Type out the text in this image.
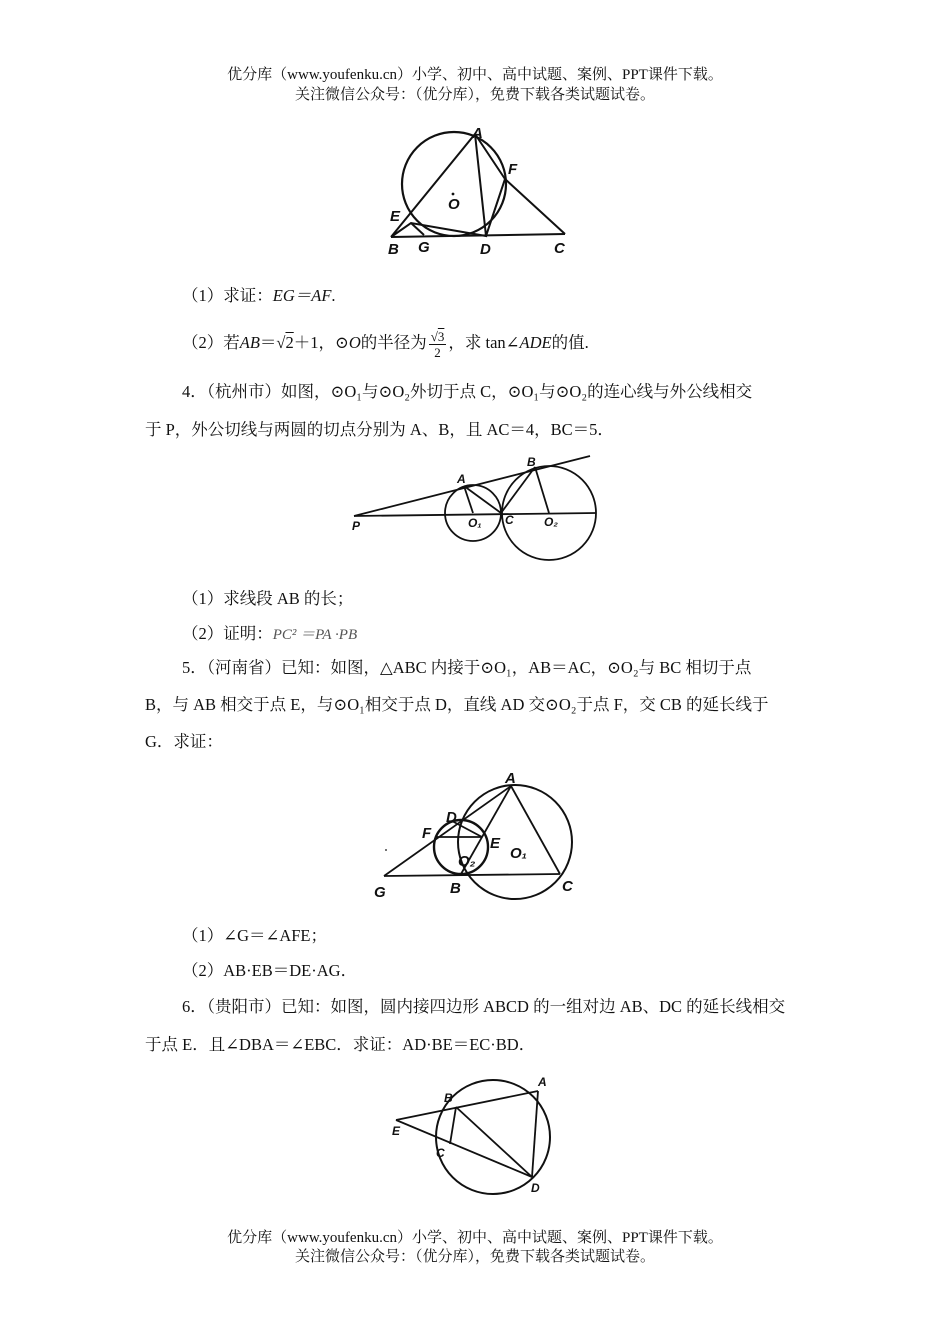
优分库（www.youfenku.cn）小学、初中、高中试题、案例、PPT课件下载。
关注微信公众号：（优分库），免费下载各类试题试卷。
A
F
O
E
B G	D	C
（1）求证：EG＝AF.
（2）若AB＝√2＋1，⊙O的半径为 $\frac{√3}{2}$ ，求 tan∠ADE的值.
4．（杭州市）如图，⊙O₁与⊙O₂外切于点 C，⊙O₁与⊙O₂的连心线与外公线相交
于 P，外公切线与两圆的切点分别为 A、B，且 AC＝4，BC＝5．
P
A
B
O₁ C	O₂
（1）求线段 AB 的长；
（2）证明：PC² ＝PA ·PB
5．（河南省）已知：如图，△ABC 内接于⊙O₁，AB＝AC，⊙O₂与 BC 相切于点
B，与 AB 相交于点 E，与⊙O₁相交于点 D，直线 AD 交⊙O₂于点 F，交 CB 的延长线于
G．求证：
A
D
F
E
O₂ O₁
G	B	C
（1）∠G＝∠AFE；
（2）AB·EB＝DE·AG．
6．（贵阳市）已知：如图，圆内接四边形 ABCD 的一组对边 AB、DC 的延长线相交
于点 E．且∠DBA＝∠EBC．求证：AD·BE＝EC·BD．
A
B
E
C
D
优分库（www.youfenku.cn）小学、初中、高中试题、案例、PPT课件下载。
关注微信公众号：（优分库），免费下载各类试题试卷。
